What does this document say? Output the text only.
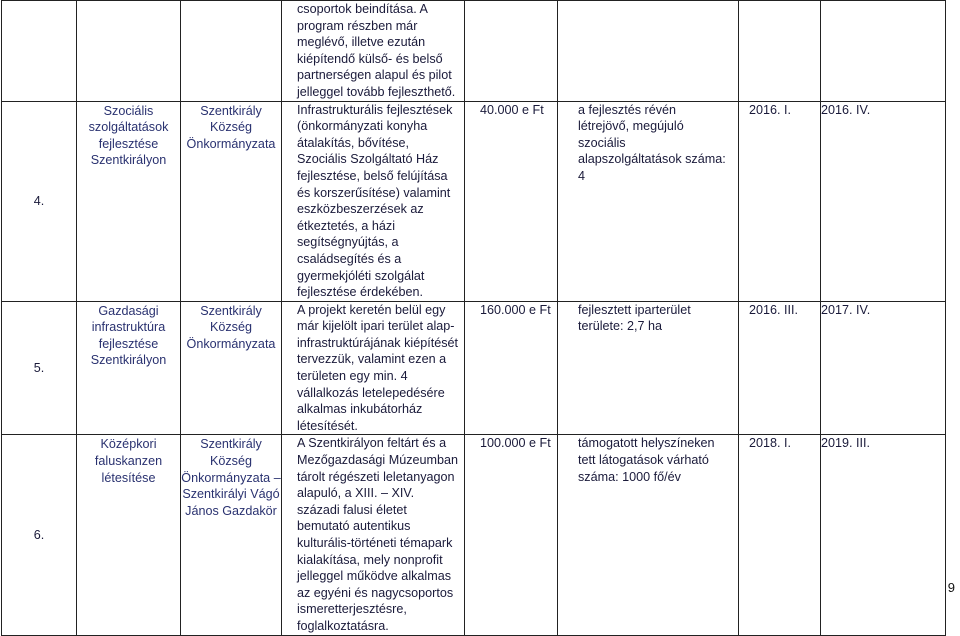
			csoportok beindítása. A program részben már meglévő, illetve ezután kiépítendő külső- és belső partnerségen alapul és pilot jelleggel tovább fejleszthető.				

4.	Szociális szolgáltatások fejlesztése Szentkirályon	Szentkirály Község Önkormányzata	Infrastrukturális fejlesztések (önkormányzati konyha átalakítás, bővítése, Szociális Szolgáltató Ház fejlesztése, belső felújítása és korszerűsítése) valamint eszközbeszerzések az étkeztetés, a házi segítségnyújtás, a családsegítés és a gyermekjóléti szolgálat fejlesztése érdekében.	40.000 e Ft	a fejlesztés révén létrejövő, megújuló szociális alapszolgáltatások száma: 4	2016. I.	2016. IV.

5.	Gazdasági infrastruktúra fejlesztése Szentkirályon	Szentkirály Község Önkormányzata	A projekt keretén belül egy már kijelölt ipari terület alap-infrastruktúrájának kiépítését tervezzük, valamint ezen a területen egy min. 4 vállalkozás letelepedésére alkalmas inkubátorház létesítését.	160.000 e Ft	fejlesztett iparterület területe: 2,7 ha	2016. III.	2017. IV.

6.	Középkori faluskanzen létesítése	Szentkirály Község Önkormányzata – Szentkirályi Vágó János Gazdakör	A Szentkirályon feltárt és a Mezőgazdasági Múzeumban tárolt régészeti leletanyagon alapuló, a XIII. – XIV. századi falusi életet bemutató autentikus kulturális-történeti témapark kialakítása, mely nonprofit jelleggel működve alkalmas az egyéni és nagycsoportos ismeretterjesztésre, foglalkoztatásra.	100.000 e Ft	támogatott helyszíneken tett látogatások várható száma: 1000 fő/év	2018. I.	2019. III.
9
